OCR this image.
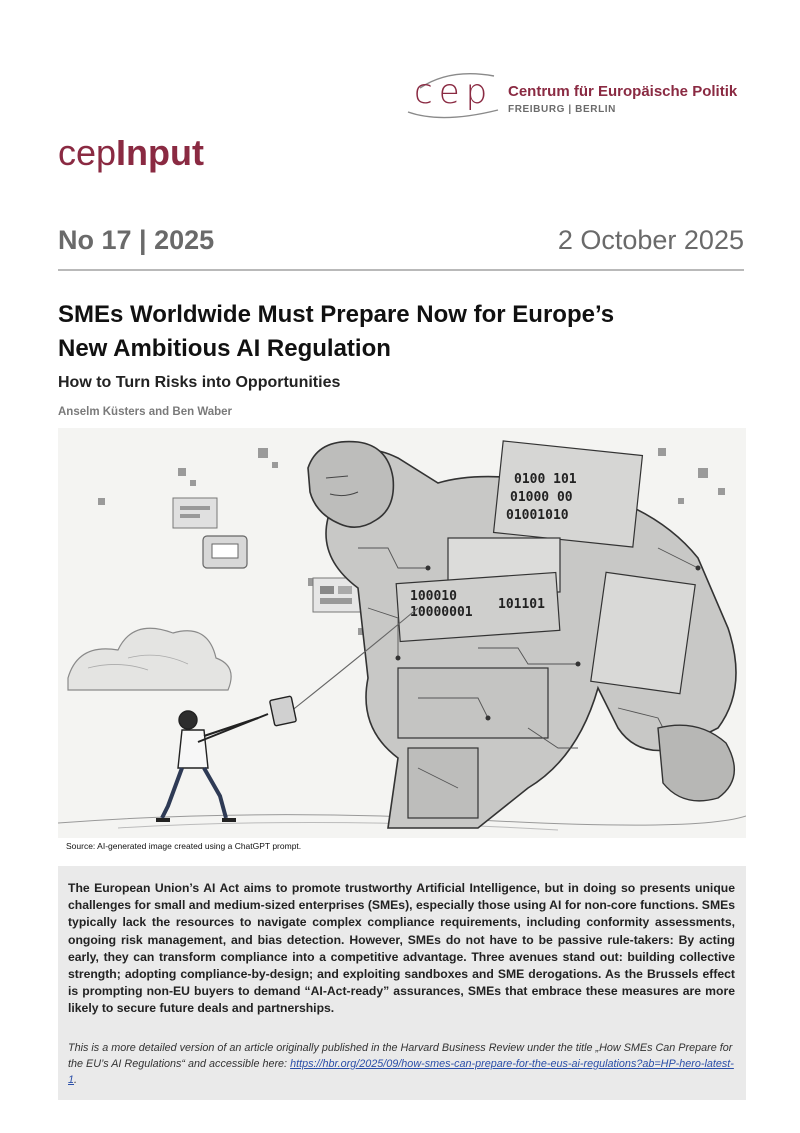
cep Centrum für Europäische Politik
FREIBURG | BERLIN
cepInput
No 17 | 2025	2 October 2025
SMEs Worldwide Must Prepare Now for Europe’s
New Ambitious AI Regulation
How to Turn Risks into Opportunities
Anselm Küsters and Ben Waber
0100 101
01000 00
01001010
100010
10000001
101101
Source: AI-generated image created using a ChatGPT prompt.

The European Union’s AI Act aims to promote trustworthy Artificial Intelligence, but in doing so presents unique challenges for small and medium-sized enterprises (SMEs), especially those using AI for non-core functions. SMEs typically lack the resources to navigate complex compliance requirements, including conformity assessments, ongoing risk management, and bias detection. However, SMEs do not have to be passive rule-takers: By acting early, they can transform compliance into a competitive advantage. Three avenues stand out: building collective strength; adopting compliance-by-design; and exploiting sandboxes and SME derogations. As the Brussels effect is prompting non-EU buyers to demand “AI-Act-ready” assurances, SMEs that embrace these measures are more likely to secure future deals and partnerships.

This is a more detailed version of an article originally published in the Harvard Business Review under the title „How SMEs Can Prepare for the EU’s AI Regulations“ and accessible here: https://hbr.org/2025/09/how-smes-can-prepare-for-the-eus-ai-regulations?ab=HP-hero-latest-1.
